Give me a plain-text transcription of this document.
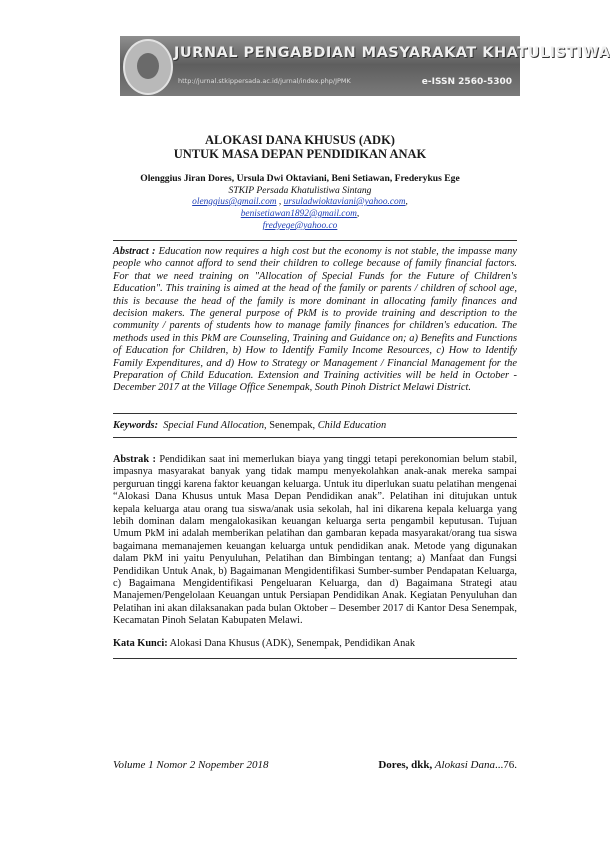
JURNAL PENGABDIAN MASYARAKAT KHATULISTIWA
http://jurnal.stkippersada.ac.id/jurnal/index.php/JPMK	e-ISSN 2560-5300
ALOKASI DANA KHUSUS (ADK)
UNTUK MASA DEPAN PENDIDIKAN ANAK
Olenggius Jiran Dores, Ursula Dwi Oktaviani, Beni Setiawan, Frederykus Ege
STKIP Persada Khatulistiwa Sintang
olenggius@gmail.com , ursuladwioktaviani@yahoo.com, benisetiawan1892@gmail.com,
fredyege@yahoo.co
Abstract : Education now requires a high cost but the economy is not stable, the impasse many people who cannot afford to send their children to college because of family financial factors. For that we need training on "Allocation of Special Funds for the Future of Children's Education". This training is aimed at the head of the family or parents / children of school age, this is because the head of the family is more dominant in allocating family finances and decision makers. The general purpose of PkM is to provide training and description to the community / parents of students how to manage family finances for children's education. The methods used in this PkM are Counseling, Training and Guidance on; a) Benefits and Functions of Education for Children, b) How to Identify Family Income Resources, c) How to Identify Family Expenditures, and d) How to Strategy or Management / Financial Management for the Preparation of Child Education. Extension and Training activities will be held in October - December 2017 at the Village Office Senempak, South Pinoh District Melawi District.
Keywords: Special Fund Allocation, Senempak, Child Education
Abstrak : Pendidikan saat ini memerlukan biaya yang tinggi tetapi perekonomian belum stabil, impasnya masyarakat banyak yang tidak mampu menyekolahkan anak-anak mereka sampai perguruan tinggi karena faktor keuangan keluarga. Untuk itu diperlukan suatu pelatihan mengenai “Alokasi Dana Khusus untuk Masa Depan Pendidikan anak”. Pelatihan ini ditujukan untuk kepala keluarga atau orang tua siswa/anak usia sekolah, hal ini dikarena kepala keluarga yang lebih dominan dalam mengalokasikan keuangan keluarga serta pengambil keputusan. Tujuan Umum PkM ini adalah memberikan pelatihan dan gambaran kepada masyarakat/orang tua siswa bagaimana memanajemen keuangan keluarga untuk pendidikan anak. Metode yang digunakan dalam PkM ini yaitu Penyuluhan, Pelatihan dan Bimbingan tentang; a) Manfaat dan Fungsi Pendidikan Untuk Anak, b) Bagaimanan Mengidentifikasi Sumber-sumber Pendapatan Keluarga, c) Bagaimana Mengidentifikasi Pengeluaran Keluarga, dan d) Bagaimana Strategi atau Manajemen/Pengelolaan Keuangan untuk Persiapan Pendidikan Anak. Kegiatan Penyuluhan dan Pelatihan ini akan dilaksanakan pada bulan Oktober – Desember 2017 di Kantor Desa Senempak, Kecamatan Pinoh Selatan Kabupaten Melawi.
Kata Kunci: Alokasi Dana Khusus (ADK), Senempak, Pendidikan Anak
Volume 1 Nomor 2 Nopember 2018	Dores, dkk, Alokasi Dana...76.
